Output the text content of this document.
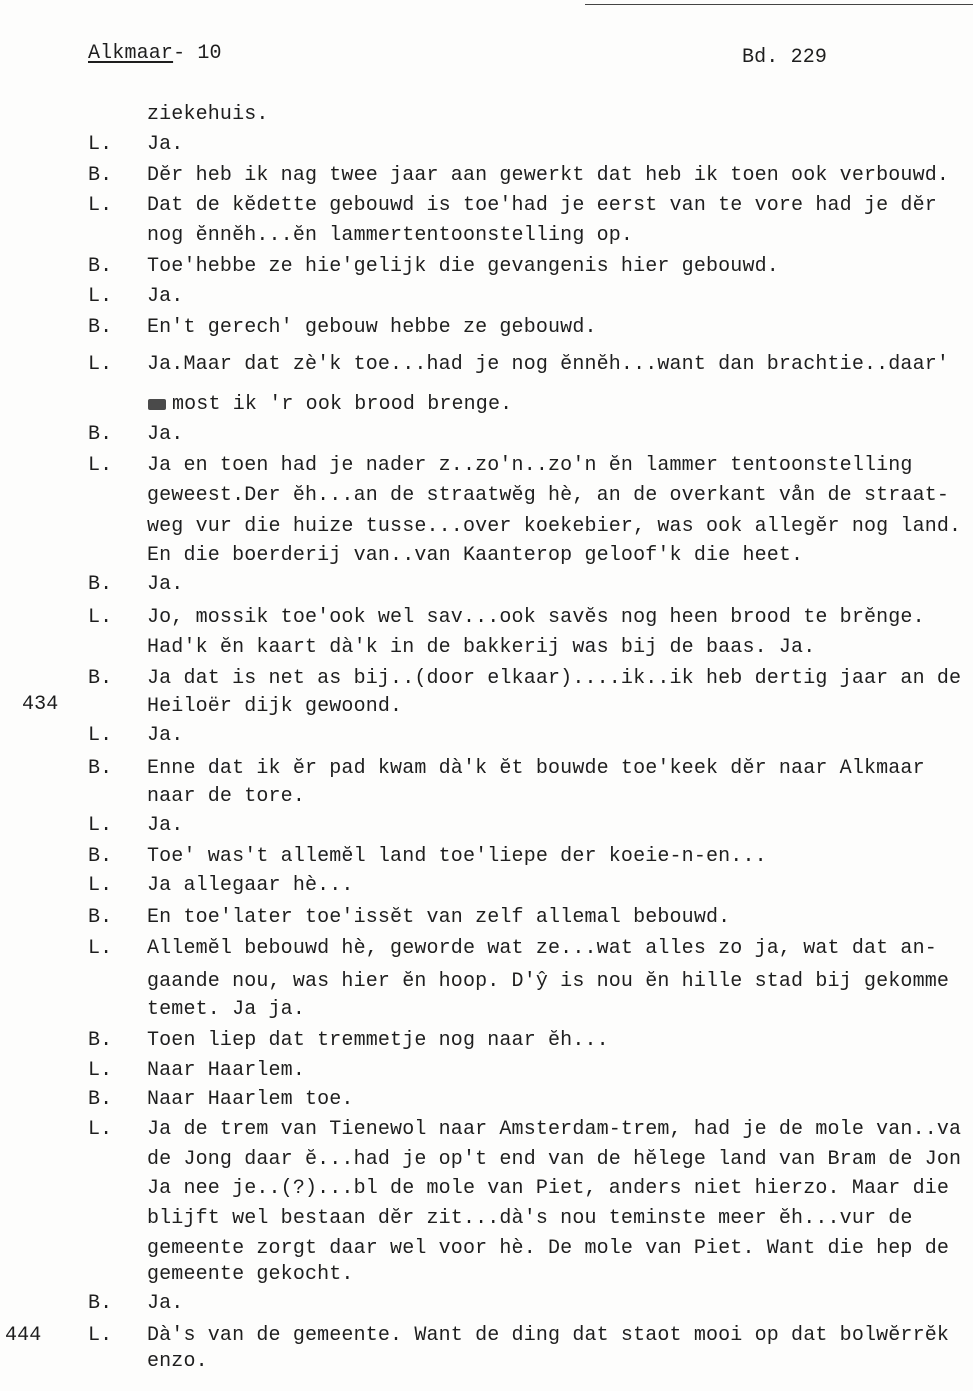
Alkmaar- 10	Bd. 229
434
444
ziekehuis.
L. Ja.
B. Dĕr heb ik nag twee jaar aan gewerkt dat heb ik toen ook verbouwd.
L. Dat de kĕdette gebouwd is toe'had je eerst van te vore had je dĕr
nog ĕnnĕh...ĕn lammertentoonstelling op.
B. Toe'hebbe ze hie'gelijk die gevangenis hier gebouwd.
L. Ja.
B. En't gerech' gebouw hebbe ze gebouwd.
L. Ja.Maar dat zè'k toe...had je nog ĕnnĕh...want dan brachtie..daar'
most ik 'r ook brood brenge.
B. Ja.
L. Ja en toen had je nader z..zo'n..zo'n ĕn lammer tentoonstelling
geweest.Der ĕh...an de straatwĕg hè, an de overkant vån de straat-
weg vur die huize tusse...over koekebier, was ook allegĕr nog land.
En die boerderij van..van Kaanterop geloof'k die heet.
B. Ja.
L. Jo, mossik toe'ook wel sav...ook savĕs nog heen brood te brĕnge.
Had'k ĕn kaart dà'k in de bakkerij was bij de baas. Ja.
B. Ja dat is net as bij..(door elkaar)....ik..ik heb dertig jaar an de
Heiloër dijk gewoond.
L. Ja.
B. Enne dat ik ĕr pad kwam dà'k ĕt bouwde toe'keek dĕr naar Alkmaar
naar de tore.
L. Ja.
B. Toe' was't allemĕl land toe'liepe der koeie-n-en...
L. Ja allegaar hè...
B. En toe'later toe'issĕt van zelf allemal bebouwd.
L. Allemĕl bebouwd hè, geworde wat ze...wat alles zo ja, wat dat an-
gaande nou, was hier ĕn hoop. D'ŷ is nou ĕn hille stad bij gekomme
temet. Ja ja.
B. Toen liep dat tremmetje nog naar ĕh...
L. Naar Haarlem.
B. Naar Haarlem toe.
L. Ja de trem van Tienewol naar Amsterdam-trem, had je de mole van..va
de Jong daar ĕ...had je op't end van de hĕlege land van Bram de Jon
Ja nee je..(?)...bl de mole van Piet, anders niet hierzo. Maar die
blijft wel bestaan dĕr zit...dà's nou teminste meer ĕh...vur de
gemeente zorgt daar wel voor hè. De mole van Piet. Want die hep de
gemeente gekocht.
B. Ja.
L. Dà's van de gemeente. Want de ding dat staot mooi op dat bolwĕrrĕk
enzo.
